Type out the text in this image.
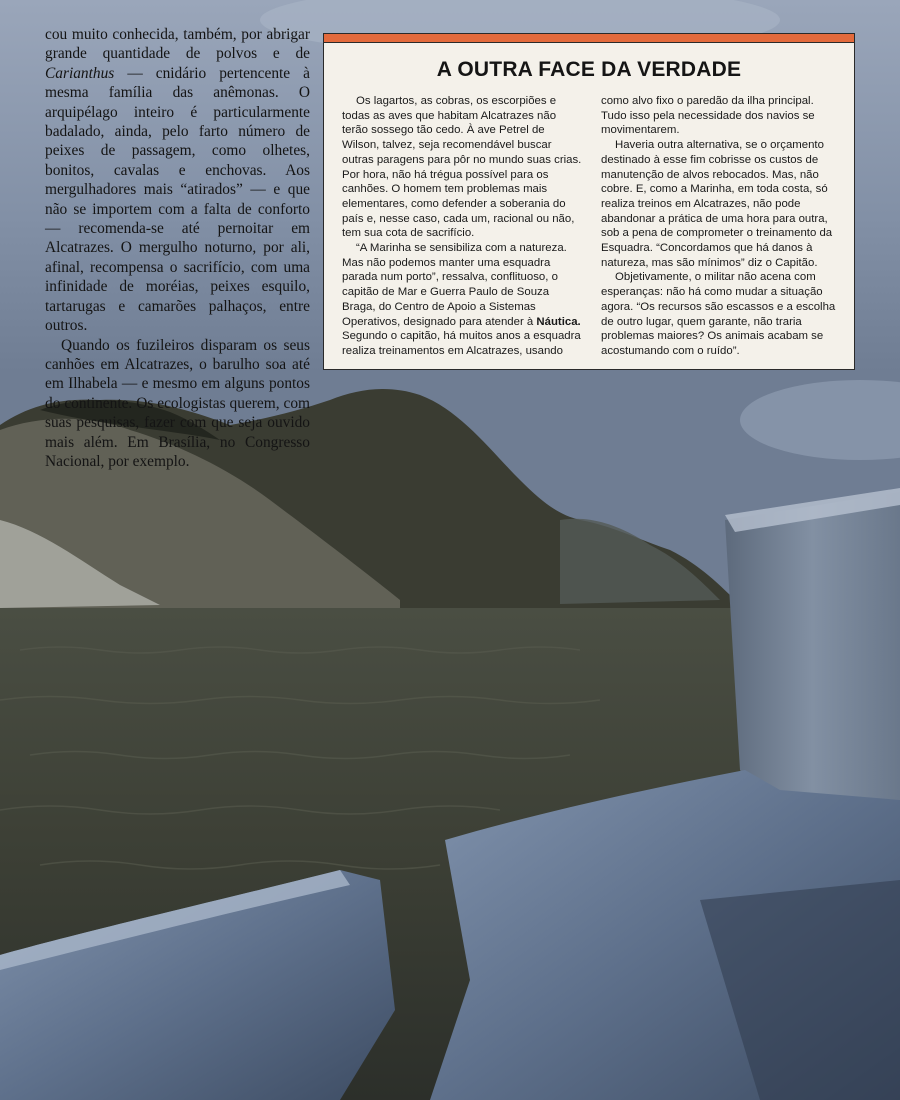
cou muito conhecida, também, por abrigar grande quantidade de polvos e de Carianthus — cnidário pertencente à mesma família das anêmonas. O arquipélago inteiro é particularmente badalado, ainda, pelo farto número de peixes de passagem, como olhetes, bonitos, cavalas e enchovas. Aos mergulhadores mais “atirados” — e que não se importem com a falta de conforto — recomenda-se até pernoitar em Alcatrazes. O mergulho noturno, por ali, afinal, recompensa o sacrifício, com uma infinidade de moréias, peixes esquilo, tartarugas e camarões palhaços, entre outros.

Quando os fuzileiros disparam os seus canhões em Alcatrazes, o barulho soa até em Ilhabela — e mesmo em alguns pontos do continente. Os ecologistas querem, com suas pesquisas, fazer com que seja ouvido mais além. Em Brasília, no Congresso Nacional, por exemplo.

A OUTRA FACE DA VERDADE

Os lagartos, as cobras, os escorpiões e todas as aves que habitam Alcatrazes não terão sossego tão cedo. À ave Petrel de Wilson, talvez, seja recomendável buscar outras paragens para pôr no mundo suas crias. Por hora, não há trégua possível para os canhões. O homem tem problemas mais elementares, como defender a soberania do país e, nesse caso, cada um, racional ou não, tem sua cota de sacrifício.

“A Marinha se sensibiliza com a natureza. Mas não podemos manter uma esquadra parada num porto”, ressalva, conflituoso, o capitão de Mar e Guerra Paulo de Souza Braga, do Centro de Apoio a Sistemas Operativos, designado para atender à Náutica. Segundo o capitão, há muitos anos a esquadra realiza treinamentos em Alcatrazes, usando

como alvo fixo o paredão da ilha principal. Tudo isso pela necessidade dos navios se movimentarem.

Haveria outra alternativa, se o orçamento destinado à esse fim cobrisse os custos de manutenção de alvos rebocados. Mas, não cobre. E, como a Marinha, em toda costa, só realiza treinos em Alcatrazes, não pode abandonar a prática de uma hora para outra, sob a pena de comprometer o treinamento da Esquadra. “Concordamos que há danos à natureza, mas são mínimos” diz o Capitão.

Objetivamente, o militar não acena com esperanças: não há como mudar a situação agora. “Os recursos são escassos e a escolha de outro lugar, quem garante, não traria problemas maiores? Os animais acabam se acostumando com o ruído”.
